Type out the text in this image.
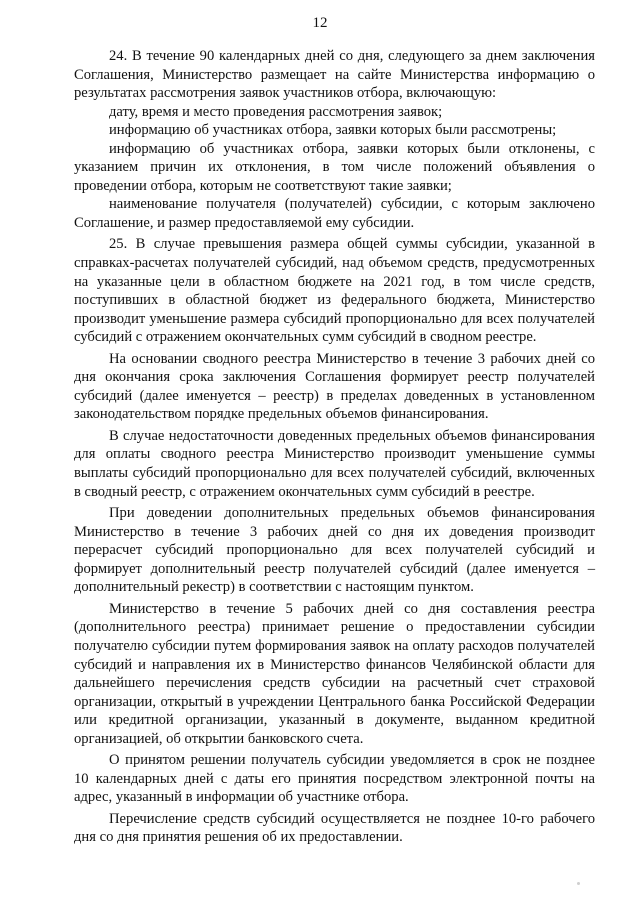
12

24. В течение 90 календарных дней со дня, следующего за днем заключения Соглашения, Министерство размещает на сайте Министерства информацию о результатах рассмотрения заявок участников отбора, включающую:

дату, время и место проведения рассмотрения заявок;

информацию об участниках отбора, заявки которых были рассмотрены;

информацию об участниках отбора, заявки которых были отклонены, с указанием причин их отклонения, в том числе положений объявления о проведении отбора, которым не соответствуют такие заявки;

наименование получателя (получателей) субсидии, с которым заключено Соглашение, и размер предоставляемой ему субсидии.

25. В случае превышения размера общей суммы субсидии, указанной в справках-расчетах получателей субсидий, над объемом средств, предусмотренных на указанные цели в областном бюджете на 2021 год, в том числе средств, поступивших в областной бюджет из федерального бюджета, Министерство производит уменьшение размера субсидий пропорционально для всех получателей субсидий с отражением окончательных сумм субсидий в сводном реестре.

На основании сводного реестра Министерство в течение 3 рабочих дней со дня окончания срока заключения Соглашения формирует реестр получателей субсидий (далее именуется – реестр) в пределах доведенных в установленном законодательством порядке предельных объемов финансирования.

В случае недостаточности доведенных предельных объемов финансирования для оплаты сводного реестра Министерство производит уменьшение суммы выплаты субсидий пропорционально для всех получателей субсидий, включенных в сводный реестр, с отражением окончательных сумм субсидий в реестре.

При доведении дополнительных предельных объемов финансирования Министерство в течение 3 рабочих дней со дня их доведения производит перерасчет субсидий пропорционально для всех получателей субсидий и формирует дополнительный реестр получателей субсидий (далее именуется – дополнительный рекестр) в соответствии с настоящим пунктом.

Министерство в течение 5 рабочих дней со дня составления реестра (дополнительного реестра) принимает решение о предоставлении субсидии получателю субсидии путем формирования заявок на оплату расходов получателей субсидий и направления их в Министерство финансов Челябинской области для дальнейшего перечисления средств субсидии на расчетный счет страховой организации, открытый в учреждении Центрального банка Российской Федерации или кредитной организации, указанный в документе, выданном кредитной организацией, об открытии банковского счета.

О принятом решении получатель субсидии уведомляется в срок не позднее 10 календарных дней с даты его принятия посредством электронной почты на адрес, указанный в информации об участнике отбора.

Перечисление средств субсидий осуществляется не позднее 10-го рабочего дня со дня принятия решения об их предоставлении.
